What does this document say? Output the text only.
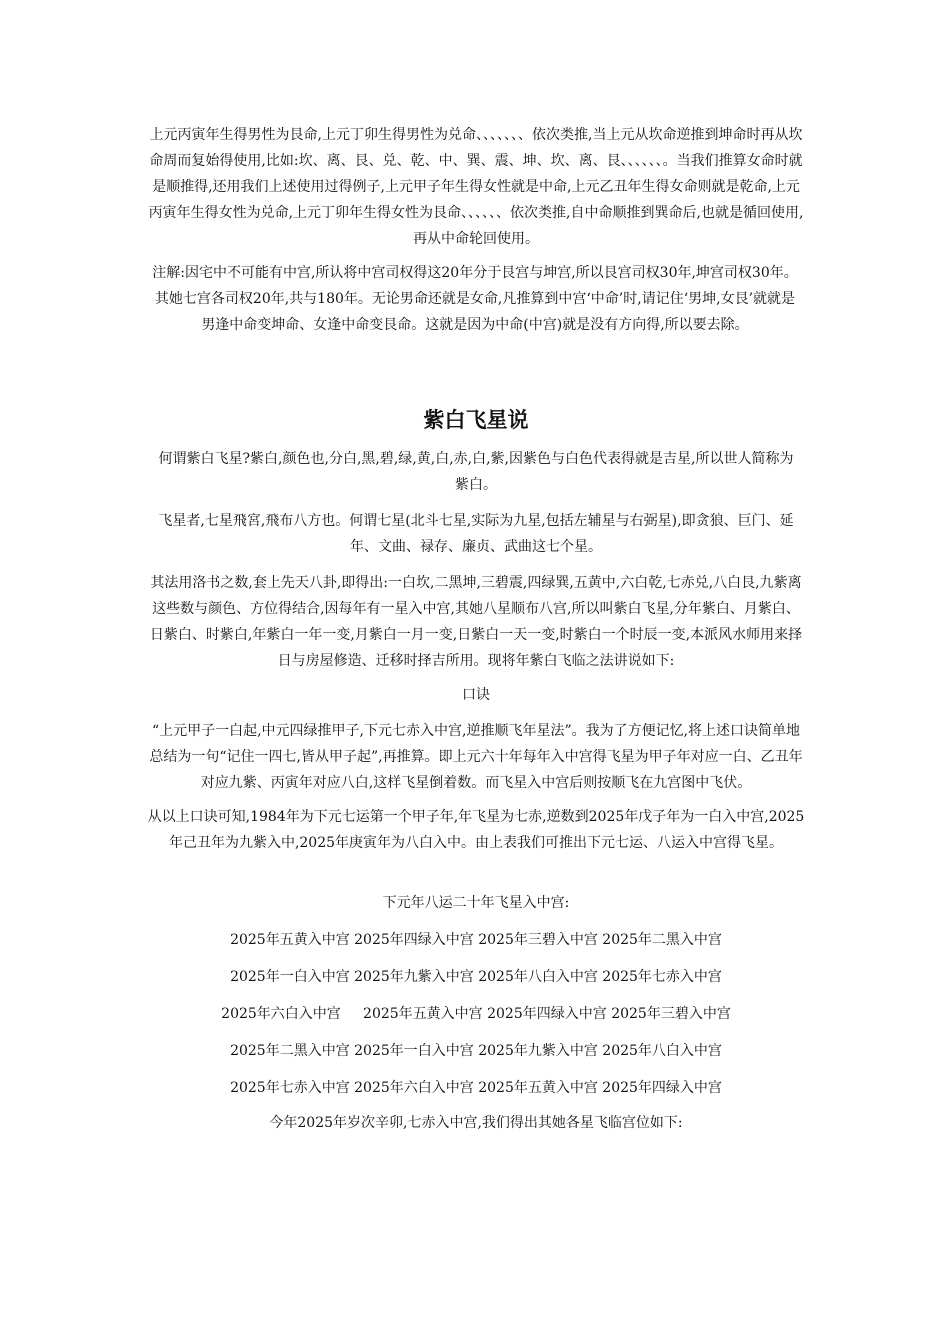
上元丙寅年生得男性为艮命,上元丁卯生得男性为兑命、、、、、、、依次类推,当上元从坎命逆推到坤命时再从坎命周而复始得使用,比如:坎、离、艮、兑、乾、中、巽、震、坤、坎、离、艮、、、、、、。当我们推算女命时就是顺推得,还用我们上述使用过得例子,上元甲子年生得女性就是中命,上元乙丑年生得女命则就是乾命,上元丙寅年生得女性为兑命,上元丁卯年生得女性为艮命、、、、、、依次类推,自中命顺推到巽命后,也就是循回使用,再从中命轮回使用。
注解:因宅中不可能有中宫,所认将中宫司权得这20年分于艮宫与坤宫,所以艮宫司权30年,坤宫司权30年。其她七宫各司权20年,共与180年。无论男命还就是女命,凡推算到中宫‘中命’时,请记住‘男坤,女艮’就就是男逢中命变坤命、女逢中命变艮命。这就是因为中命(中宫)就是没有方向得,所以要去除。
紫白飞星说
何谓紫白飞星?紫白,颜色也,分白,黑,碧,绿,黄,白,赤,白,紫,因紫色与白色代表得就是吉星,所以世人简称为紫白。
飞星者,七星飛宮,飛布八方也。何谓七星(北斗七星,实际为九星,包括左辅星与右弼星),即贪狼、巨门、延年、文曲、禄存、廉贞、武曲这七个星。
其法用洛书之数,套上先天八卦,即得出:一白坎,二黑坤,三碧震,四绿巽,五黄中,六白乾,七赤兑,八白艮,九紫离这些数与颜色、方位得结合,因每年有一星入中宫,其她八星顺布八宫,所以叫紫白飞星,分年紫白、月紫白、日紫白、时紫白,年紫白一年一变,月紫白一月一变,日紫白一天一变,时紫白一个时辰一变,本派风水师用来择日与房屋修造、迁移时择吉所用。现将年紫白飞临之法讲说如下:
口诀
“上元甲子一白起,中元四绿推甲子,下元七赤入中宫,逆推顺飞年星法”。我为了方便记忆,将上述口诀简单地总结为一句“记住一四七,皆从甲子起”,再推算。即上元六十年每年入中宫得飞星为甲子年对应一白、乙丑年对应九紫、丙寅年对应八白,这样飞星倒着数。而飞星入中宫后则按顺飞在九宫图中飞伏。
从以上口诀可知,1984年为下元七运第一个甲子年,年飞星为七赤,逆数到2025年戊子年为一白入中宫,2025年己丑年为九紫入中,2025年庚寅年为八白入中。由上表我们可推出下元七运、八运入中宫得飞星。
下元年八运二十年飞星入中宫:
2025年五黄入中宫 2025年四绿入中宫 2025年三碧入中宫 2025年二黑入中宫
2025年一白入中宫 2025年九紫入中宫 2025年八白入中宫 2025年七赤入中宫
2025年六白入中宫     2025年五黄入中宫 2025年四绿入中宫 2025年三碧入中宫
2025年二黑入中宫 2025年一白入中宫 2025年九紫入中宫 2025年八白入中宫
2025年七赤入中宫 2025年六白入中宫 2025年五黄入中宫 2025年四绿入中宫
今年2025年岁次辛卯,七赤入中宫,我们得出其她各星飞临宫位如下:
